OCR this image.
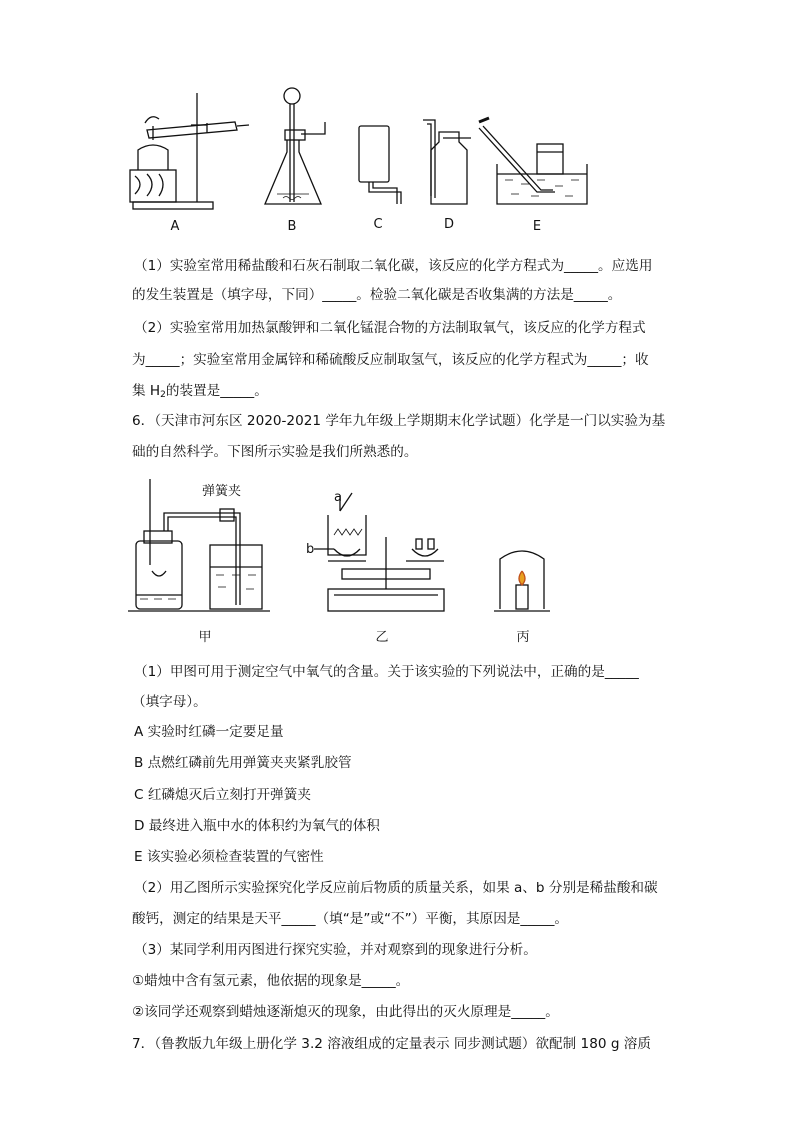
A	B	C	D	E
（1）实验室常用稀盐酸和石灰石制取二氧化碳，该反应的化学方程式为_____。应选用
的发生装置是（填字母，下同）_____。检验二氧化碳是否收集满的方法是_____。
（2）实验室常用加热氯酸钾和二氧化锰混合物的方法制取氧气，该反应的化学方程式
为_____；实验室常用金属锌和稀硫酸反应制取氢气，该反应的化学方程式为_____；收
集 $H_2$的装置是_____。
6．（天津市河东区 2020-2021 学年九年级上学期期末化学试题）化学是一门以实验为基
础的自然科学。下图所示实验是我们所熟悉的。
弹簧夹	a
b
甲	乙	丙
（1）甲图可用于测定空气中氧气的含量。关于该实验的下列说法中，正确的是_____
（填字母）。
A 实验时红磷一定要足量
B 点燃红磷前先用弹簧夹夹紧乳胶管
C 红磷熄灭后立刻打开弹簧夹
D 最终进入瓶中水的体积约为氧气的体积
E 该实验必须检查装置的气密性
（2）用乙图所示实验探究化学反应前后物质的质量关系，如果 a、b 分别是稀盐酸和碳
酸钙，测定的结果是天平_____（填“是”或“不”）平衡，其原因是_____。
（3）某同学利用丙图进行探究实验，并对观察到的现象进行分析。
①蜡烛中含有氢元素，他依据的现象是_____。
②该同学还观察到蜡烛逐渐熄灭的现象，由此得出的灭火原理是_____。
7．（鲁教版九年级上册化学 3.2 溶液组成的定量表示 同步测试题）欲配制 180 g 溶质
